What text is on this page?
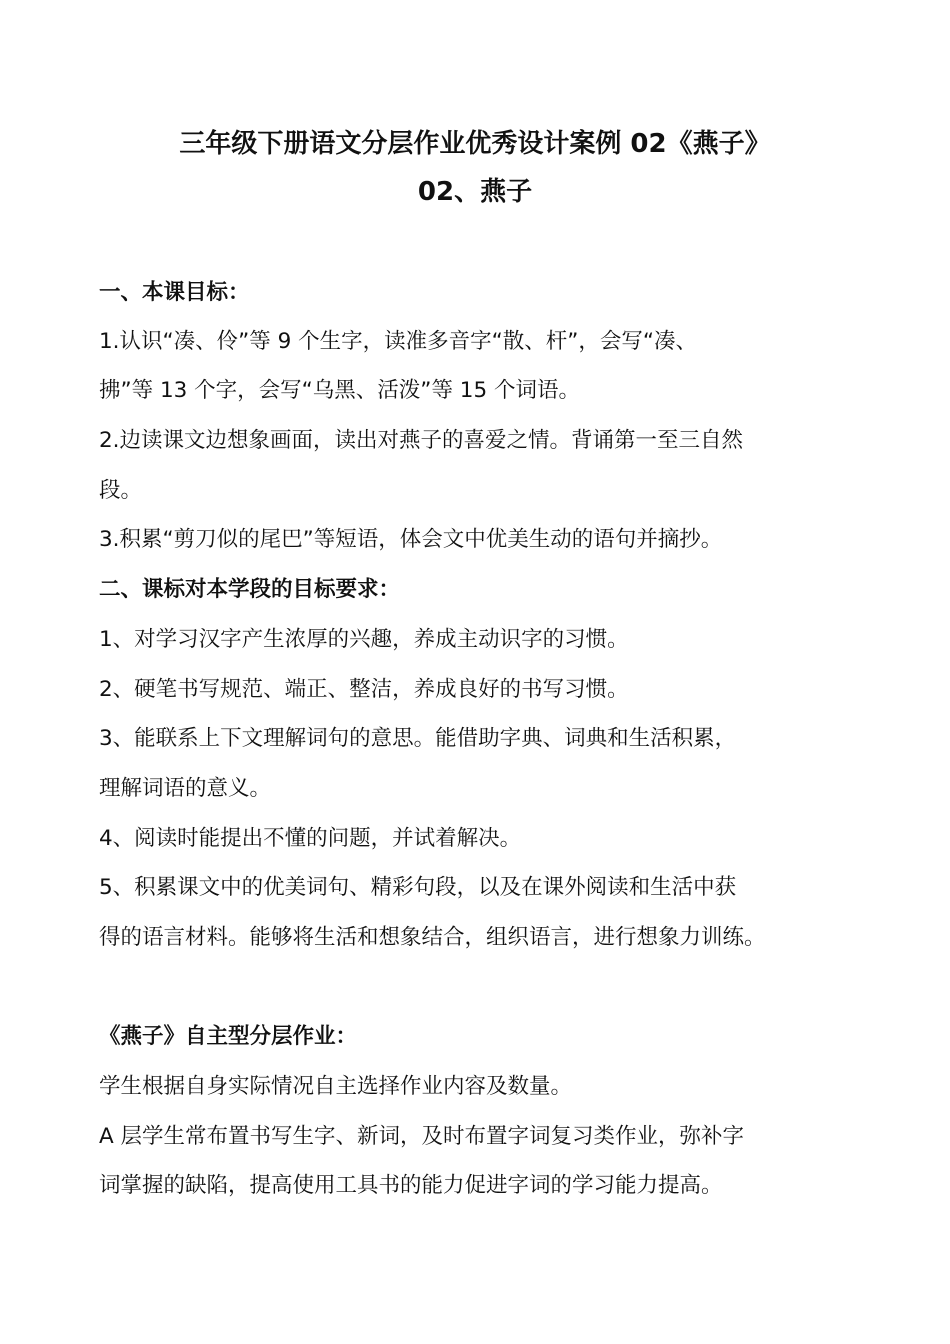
三年级下册语文分层作业优秀设计案例 02《燕子》
02、燕子
一、本课目标：
1.认识“凑、伶”等 9 个生字，读准多音字“散、杆”，会写“凑、
拂”等 13 个字，会写“乌黑、活泼”等 15 个词语。
2.边读课文边想象画面，读出对燕子的喜爱之情。背诵第一至三自然
段。
3.积累“剪刀似的尾巴”等短语，体会文中优美生动的语句并摘抄。
二、课标对本学段的目标要求：
1、对学习汉字产生浓厚的兴趣，养成主动识字的习惯。
2、硬笔书写规范、端正、整洁，养成良好的书写习惯。
3、能联系上下文理解词句的意思。能借助字典、词典和生活积累，
理解词语的意义。
4、阅读时能提出不懂的问题，并试着解决。
5、积累课文中的优美词句、精彩句段，以及在课外阅读和生活中获
得的语言材料。能够将生活和想象结合，组织语言，进行想象力训练。
《燕子》自主型分层作业：
学生根据自身实际情况自主选择作业内容及数量。
A 层学生常布置书写生字、新词，及时布置字词复习类作业，弥补字
词掌握的缺陷，提高使用工具书的能力促进字词的学习能力提高。
